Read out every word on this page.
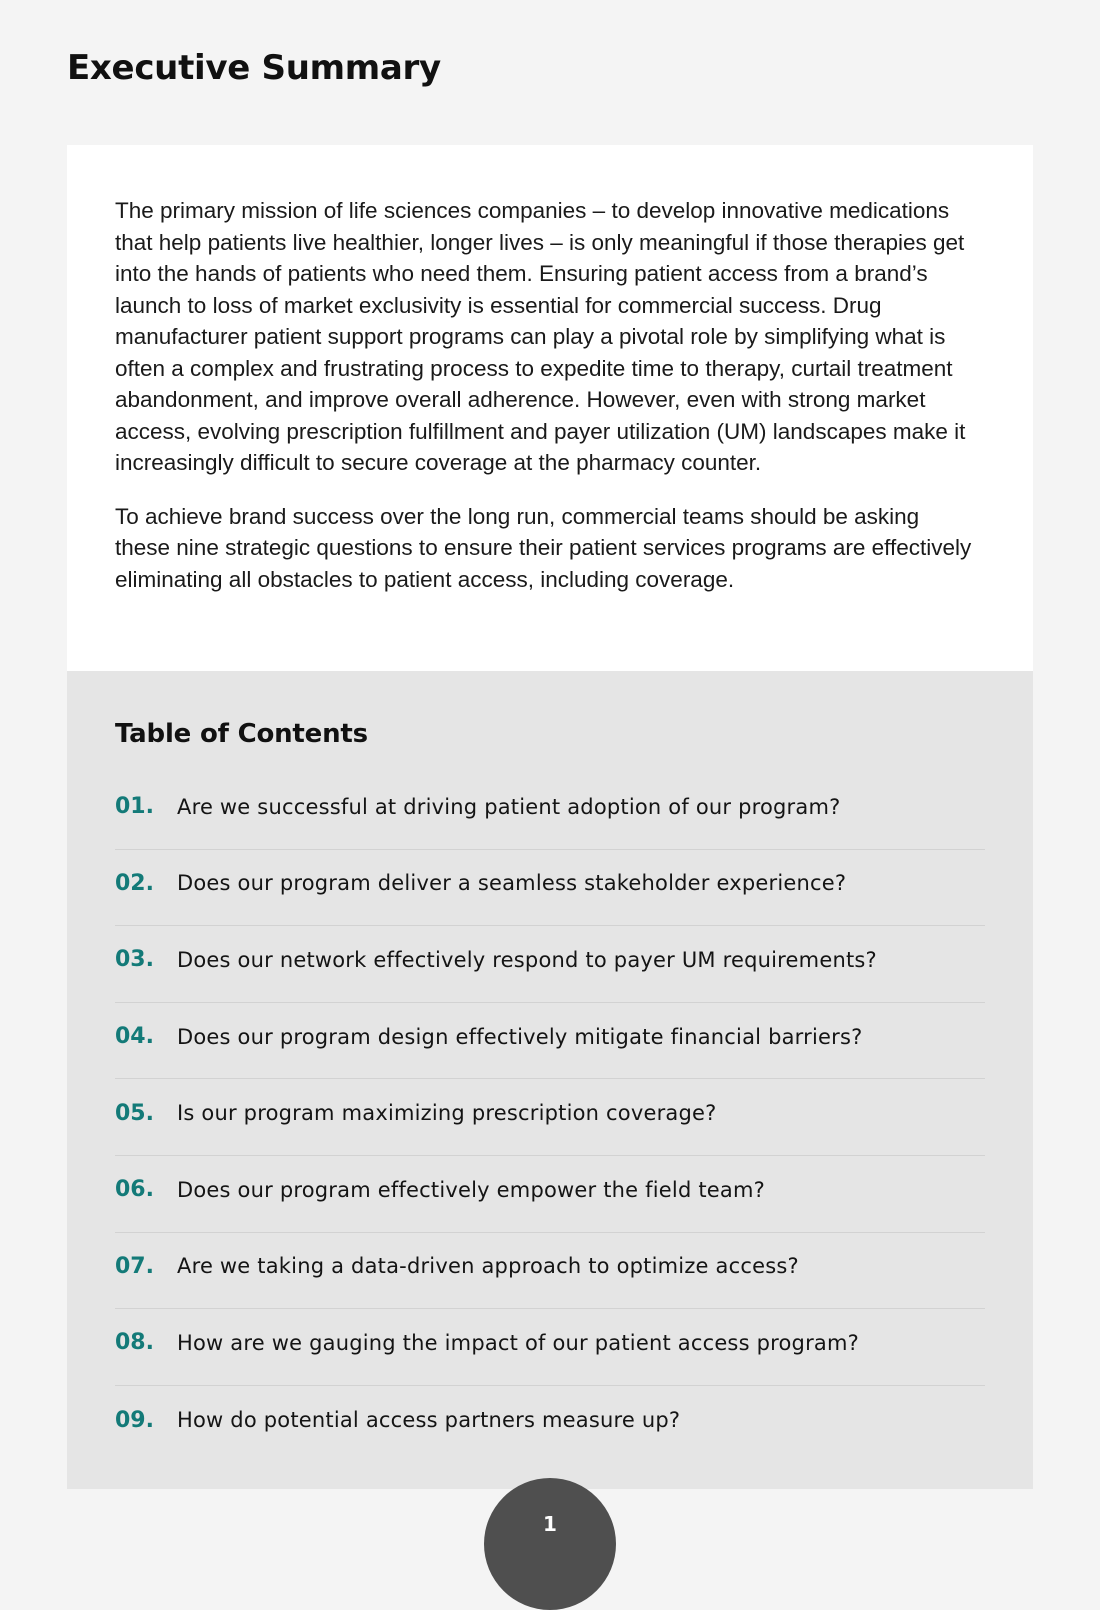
Executive Summary

The primary mission of life sciences companies – to develop innovative medications that help patients live healthier, longer lives – is only meaningful if those therapies get into the hands of patients who need them. Ensuring patient access from a brand’s launch to loss of market exclusivity is essential for commercial success. Drug manufacturer patient support programs can play a pivotal role by simplifying what is often a complex and frustrating process to expedite time to therapy, curtail treatment abandonment, and improve overall adherence. However, even with strong market access, evolving prescription fulfillment and payer utilization (UM) landscapes make it increasingly difficult to secure coverage at the pharmacy counter.

To achieve brand success over the long run, commercial teams should be asking these nine strategic questions to ensure their patient services programs are effectively eliminating all obstacles to patient access, including coverage.

Table of Contents
01.	Are we successful at driving patient adoption of our program?
02.	Does our program deliver a seamless stakeholder experience?
03.	Does our network effectively respond to payer UM requirements?
04.	Does our program design effectively mitigate financial barriers?
05.	Is our program maximizing prescription coverage?
06.	Does our program effectively empower the field team?
07.	Are we taking a data-driven approach to optimize access?
08.	How are we gauging the impact of our patient access program?
09.	How do potential access partners measure up?
1
